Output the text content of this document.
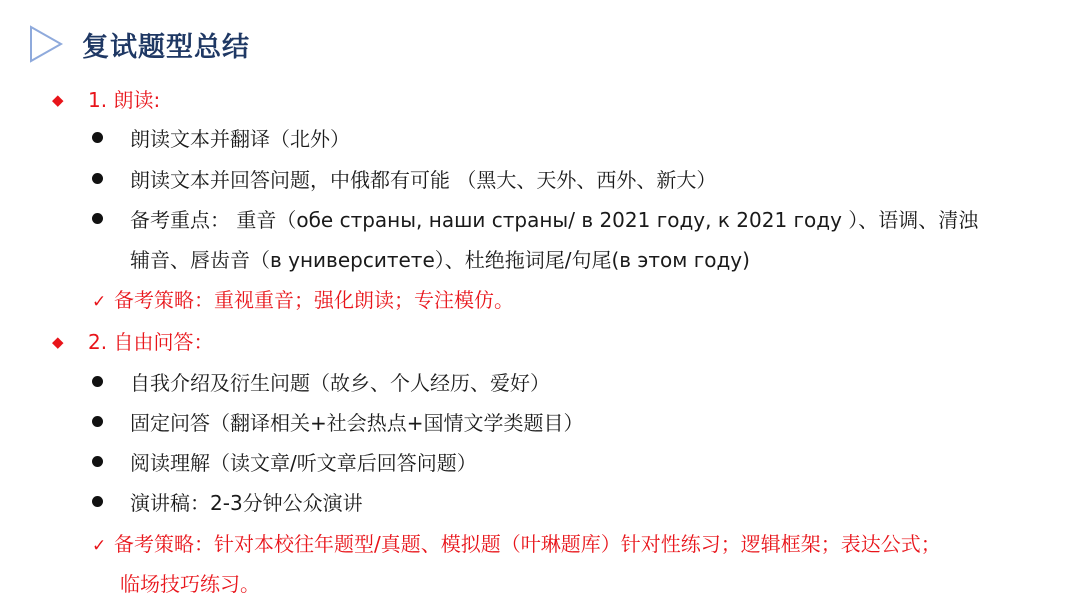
复试题型总结
◆ 1. 朗读:
朗读文本并翻译（北外）
朗读文本并回答问题，中俄都有可能 （黑大、天外、西外、新大）
备考重点： 重音（обе страны, наши страны/ в 2021 году, к 2021 году ）、语调、清浊
辅音、唇齿音（в университете）、杜绝拖词尾/句尾(в этом году)
✓ 备考策略：重视重音；强化朗读；专注模仿。
◆ 2. 自由问答：
自我介绍及衍生问题（故乡、个人经历、爱好）
固定问答（翻译相关+社会热点+国情文学类题目）
阅读理解（读文章/听文章后回答问题）
演讲稿：2-3分钟公众演讲
✓ 备考策略：针对本校往年题型/真题、模拟题（叶琳题库）针对性练习；逻辑框架；表达公式；
临场技巧练习。
